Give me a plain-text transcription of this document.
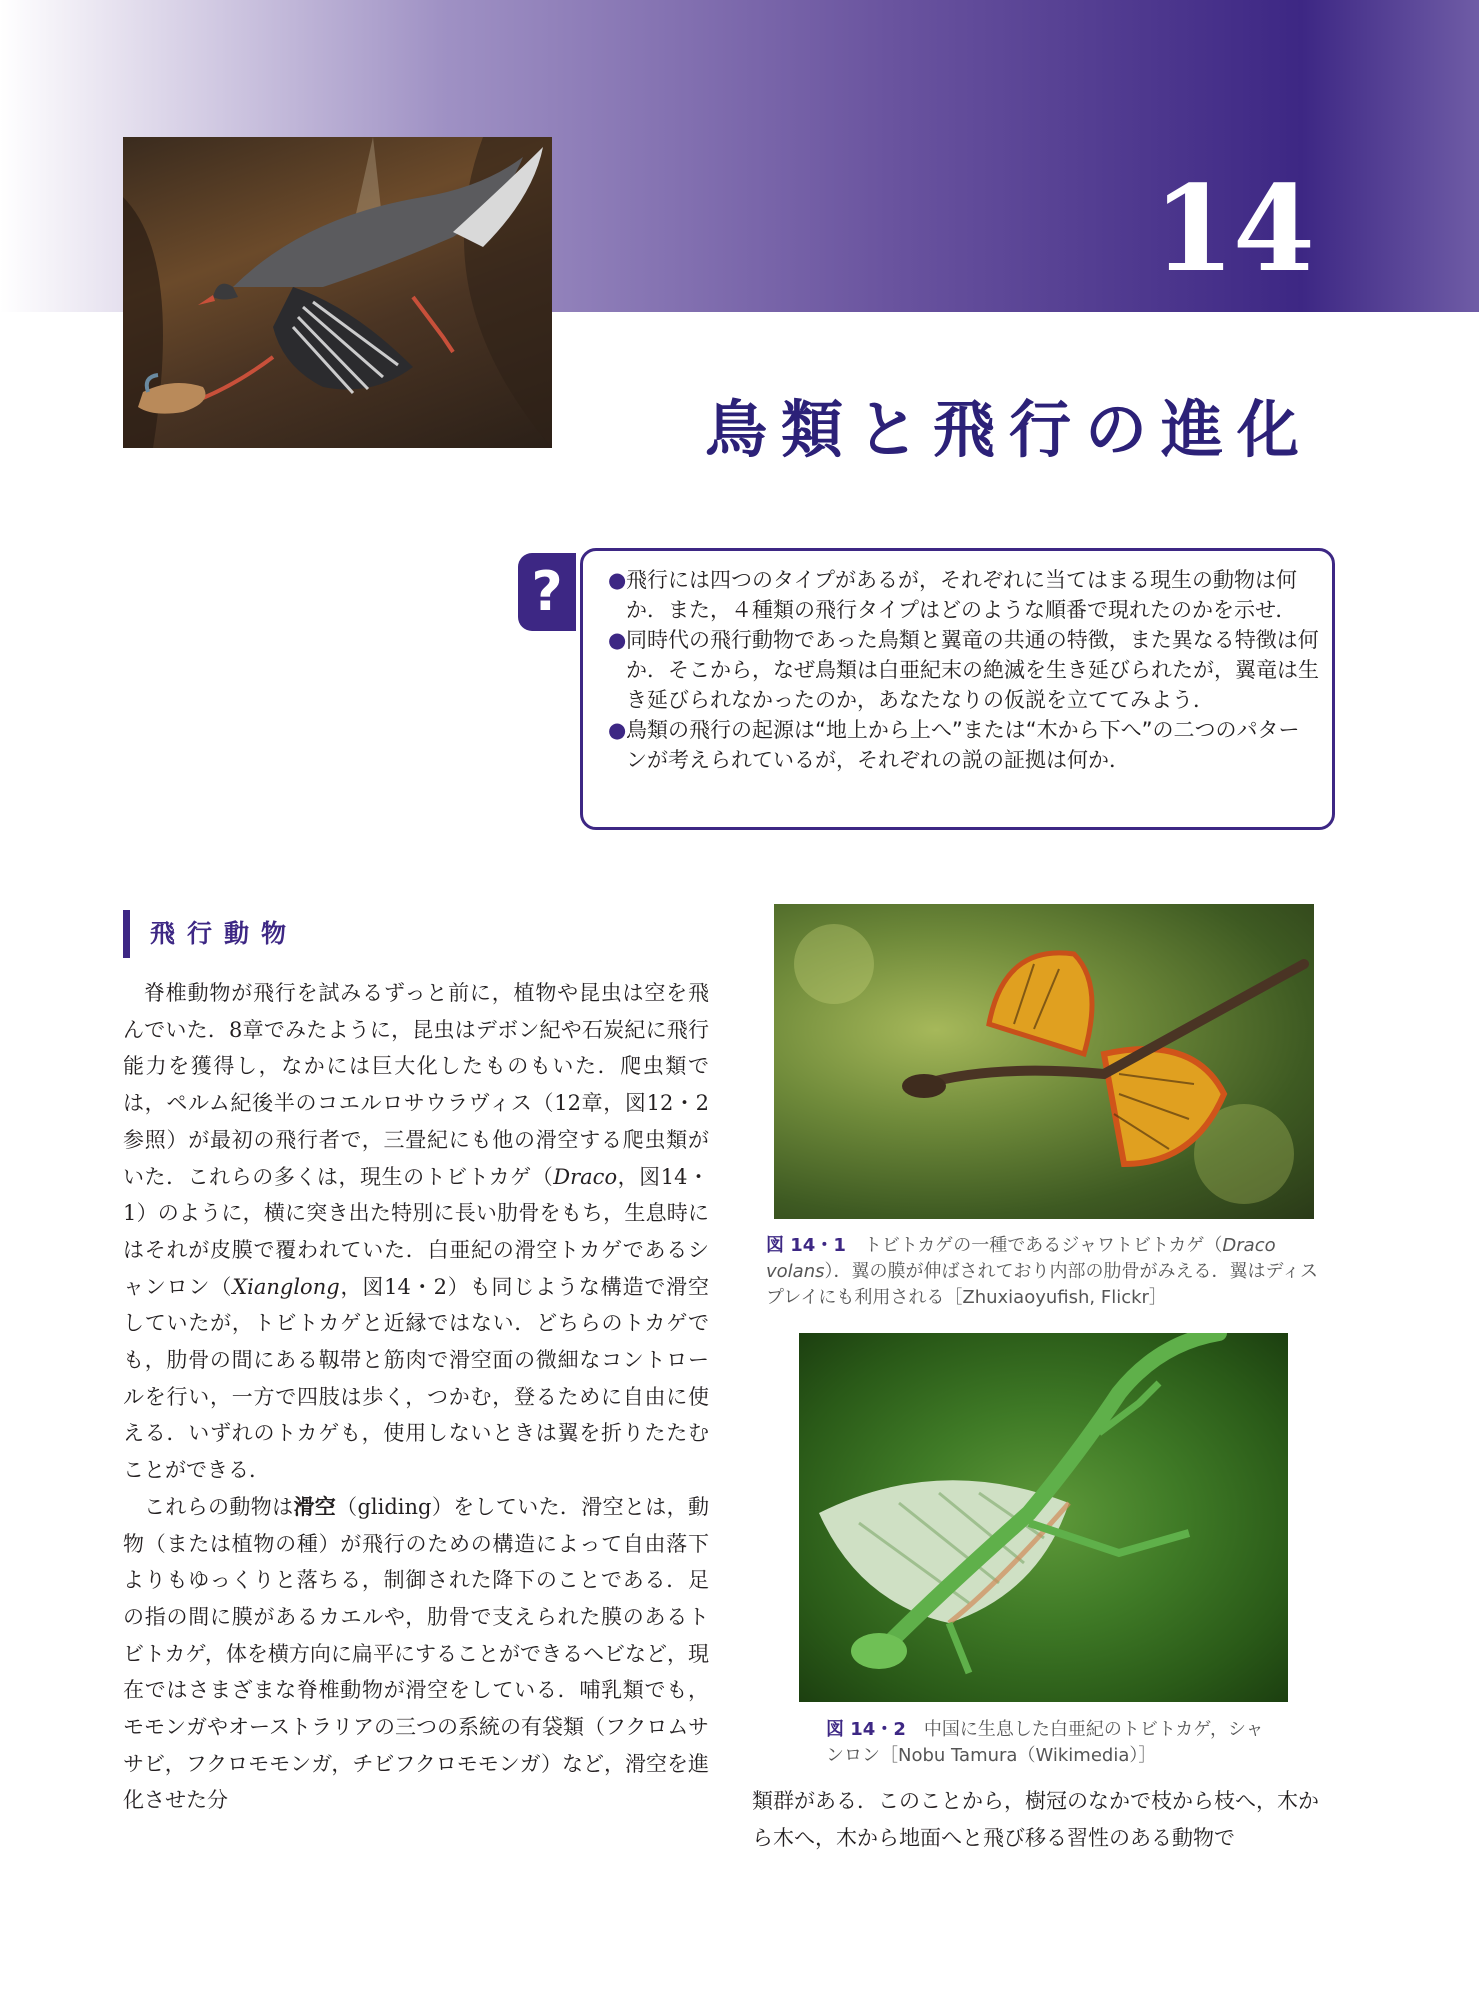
14
鳥類と飛行の進化
?	● 飛行には四つのタイプがあるが，それぞれに当てはまる現生の動物は何か．また，４種類の飛行タイプはどのような順番で現れたのかを示せ．
● 同時代の飛行動物であった鳥類と翼竜の共通の特徴，また異なる特徴は何か．そこから，なぜ鳥類は白亜紀末の絶滅を生き延びられたが，翼竜は生き延びられなかったのか，あなたなりの仮説を立ててみよう．
● 鳥類の飛行の起源は“地上から上へ”または“木から下へ”の二つのパターンが考えられているが，それぞれの説の証拠は何か．
飛行動物
脊椎動物が飛行を試みるずっと前に，植物や昆虫は空を飛んでいた．8章でみたように，昆虫はデボン紀や石炭紀に飛行能力を獲得し，なかには巨大化したものもいた．爬虫類では，ペルム紀後半のコエルロサウラヴィス（12章，図12・2参照）が最初の飛行者で，三畳紀にも他の滑空する爬虫類がいた．これらの多くは，現生のトビトカゲ（Draco，図14・1）のように，横に突き出た特別に長い肋骨をもち，生息時にはそれが皮膜で覆われていた．白亜紀の滑空トカゲであるシャンロン（Xianglong，図14・2）も同じような構造で滑空していたが，トビトカゲと近縁ではない．どちらのトカゲでも，肋骨の間にある靱帯と筋肉で滑空面の微細なコントロールを行い，一方で四肢は歩く，つかむ，登るために自由に使える．いずれのトカゲも，使用しないときは翼を折りたたむことができる．
これらの動物は滑空（gliding）をしていた．滑空とは，動物（または植物の種）が飛行のための構造によって自由落下よりもゆっくりと落ちる，制御された降下のことである．足の指の間に膜があるカエルや，肋骨で支えられた膜のあるトビトカゲ，体を横方向に扁平にすることができるヘビなど，現在ではさまざまな脊椎動物が滑空をしている．哺乳類でも，モモンガやオーストラリアの三つの系統の有袋類（フクロムササビ，フクロモモンガ，チビフクロモモンガ）など，滑空を進化させた分

図 14・1　 トビトカゲの一種であるジャワトビトカゲ（Draco volans）．翼の膜が伸ばされており内部の肋骨がみえる．翼はディスプレイにも利用される［Zhuxiaoyufish, Flickr］

図 14・2　 中国に生息した白亜紀のトビトカゲ，シャンロン［Nobu Tamura（Wikimedia）］

類群がある．このことから，樹冠のなかで枝から枝へ，木から木へ，木から地面へと飛び移る習性のある動物で
